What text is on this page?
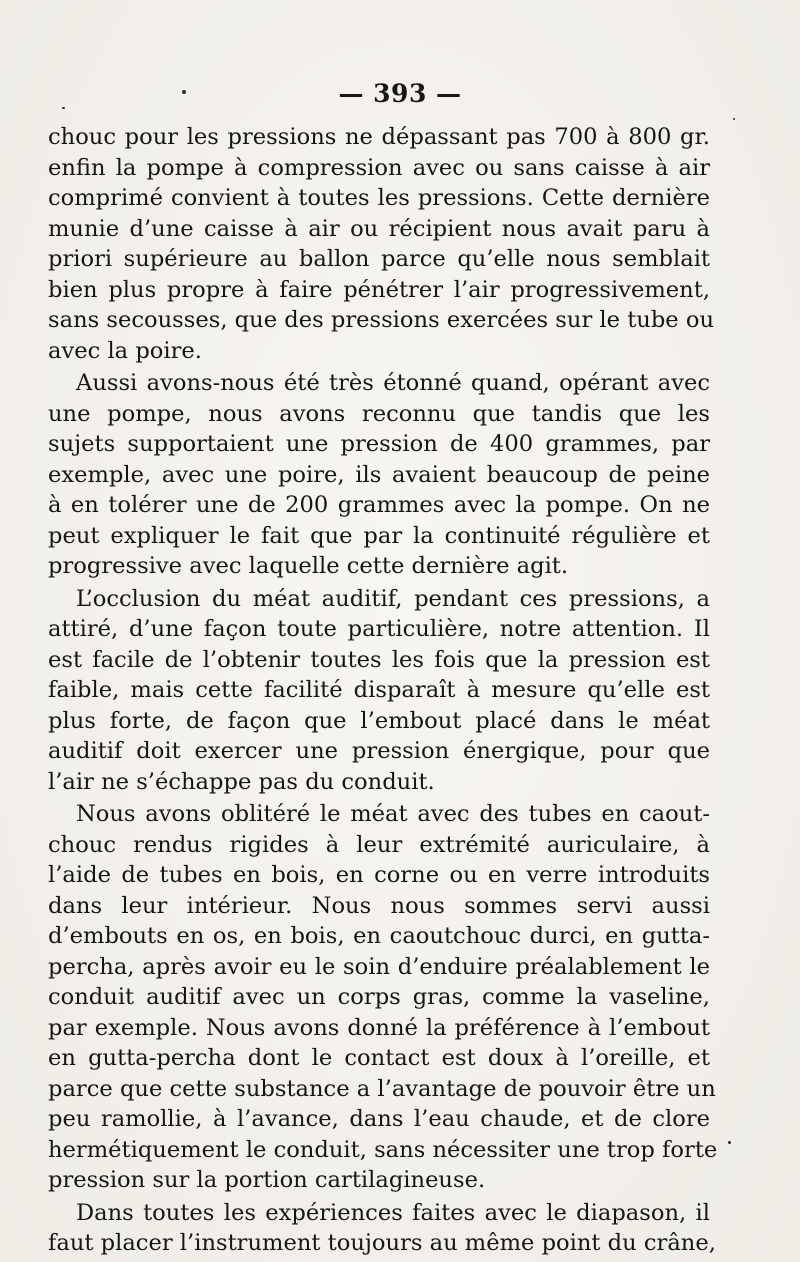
— 393 —
chouc pour les pressions ne dépassant pas 700 à 800 gr.
enfin la pompe à compression avec ou sans caisse à air
comprimé convient à toutes les pressions. Cette dernière
munie d’une caisse à air ou récipient nous avait paru à
priori supérieure au ballon parce qu’elle nous semblait
bien plus propre à faire pénétrer l’air progressivement,
sans secousses, que des pressions exercées sur le tube ou
avec la poire.
Aussi avons-nous été très étonné quand, opérant avec
une pompe, nous avons reconnu que tandis que les
sujets supportaient une pression de 400 grammes, par
exemple, avec une poire, ils avaient beaucoup de peine
à en tolérer une de 200 grammes avec la pompe. On ne
peut expliquer le fait que par la continuité régulière et
progressive avec laquelle cette dernière agit.
L’occlusion du méat auditif, pendant ces pressions, a
attiré, d’une façon toute particulière, notre attention. Il
est facile de l’obtenir toutes les fois que la pression est
faible, mais cette facilité disparaît à mesure qu’elle est
plus forte, de façon que l’embout placé dans le méat
auditif doit exercer une pression énergique, pour que
l’air ne s’échappe pas du conduit.
Nous avons oblitéré le méat avec des tubes en caout-
chouc rendus rigides à leur extrémité auriculaire, à
l’aide de tubes en bois, en corne ou en verre introduits
dans leur intérieur. Nous nous sommes servi aussi
d’embouts en os, en bois, en caoutchouc durci, en gutta-
percha, après avoir eu le soin d’enduire préalablement le
conduit auditif avec un corps gras, comme la vaseline,
par exemple. Nous avons donné la préférence à l’embout
en gutta-percha dont le contact est doux à l’oreille, et
parce que cette substance a l’avantage de pouvoir être un
peu ramollie, à l’avance, dans l’eau chaude, et de clore
hermétiquement le conduit, sans nécessiter une trop forte
pression sur la portion cartilagineuse.
Dans toutes les expériences faites avec le diapason, il
faut placer l’instrument toujours au même point du crâne,
